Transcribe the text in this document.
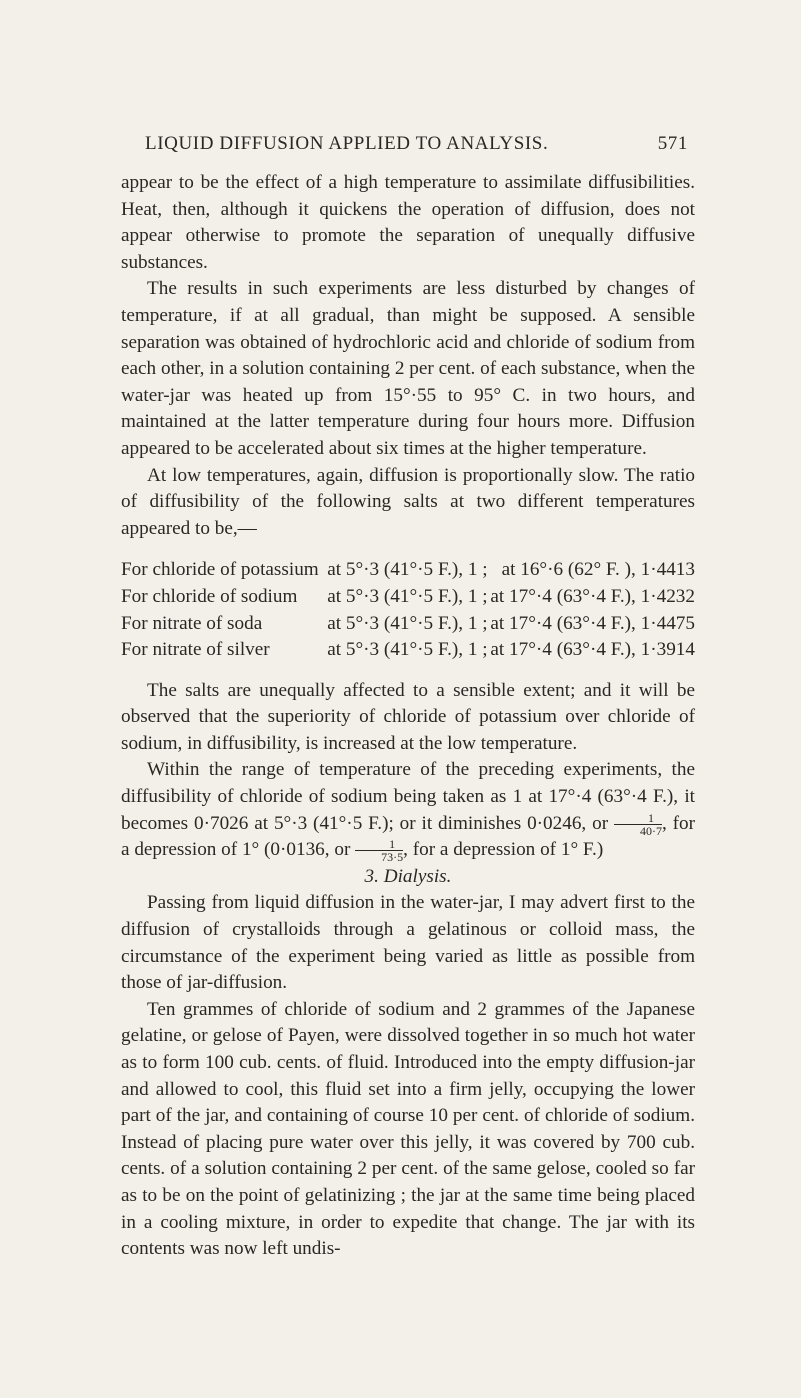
LIQUID DIFFUSION APPLIED TO ANALYSIS.	571

appear to be the effect of a high temperature to assimilate diffusibilities. Heat, then, although it quickens the operation of diffusion, does not appear otherwise to promote the separation of unequally diffusive substances.

The results in such experiments are less disturbed by changes of temperature, if at all gradual, than might be supposed. A sensible separation was obtained of hydrochloric acid and chloride of sodium from each other, in a solution containing 2 per cent. of each substance, when the water-jar was heated up from 15°·55 to 95° C. in two hours, and maintained at the latter temperature during four hours more. Diffusion appeared to be accelerated about six times at the higher temperature.

At low temperatures, again, diffusion is proportionally slow. The ratio of diffusibility of the following salts at two different temperatures appeared to be,—

For chloride of potassium	at 5°·3 (41°·5 F.), 1 ;	at 16°·6 (62° F. ), 1·4413
For chloride of sodium	at 5°·3 (41°·5 F.), 1 ;	at 17°·4 (63°·4 F.), 1·4232
For nitrate of soda	at 5°·3 (41°·5 F.), 1 ;	at 17°·4 (63°·4 F.), 1·4475
For nitrate of silver	at 5°·3 (41°·5 F.), 1 ;	at 17°·4 (63°·4 F.), 1·3914

The salts are unequally affected to a sensible extent; and it will be observed that the superiority of chloride of potassium over chloride of sodium, in diffusibility, is increased at the low temperature.

Within the range of temperature of the preceding experiments, the diffusibility of chloride of sodium being taken as 1 at 17°·4 (63°·4 F.), it becomes 0·7026 at 5°·3 (41°·5 F.); or it diminishes 0·0246, or $\frac{1}{40\cdot 7}$ , for a depression of 1° (0·0136, or $\frac{1}{73\cdot 5}$ , for a depression of 1° F.)

3. Dialysis.

Passing from liquid diffusion in the water-jar, I may advert first to the diffusion of crystalloids through a gelatinous or colloid mass, the circumstance of the experiment being varied as little as possible from those of jar-diffusion.

Ten grammes of chloride of sodium and 2 grammes of the Japanese gelatine, or gelose of Payen, were dissolved together in so much hot water as to form 100 cub. cents. of fluid. Introduced into the empty diffusion-jar and allowed to cool, this fluid set into a firm jelly, occupying the lower part of the jar, and containing of course 10 per cent. of chloride of sodium. Instead of placing pure water over this jelly, it was covered by 700 cub. cents. of a solution containing 2 per cent. of the same gelose, cooled so far as to be on the point of gelatinizing ; the jar at the same time being placed in a cooling mixture, in order to expedite that change. The jar with its contents was now left undis-
